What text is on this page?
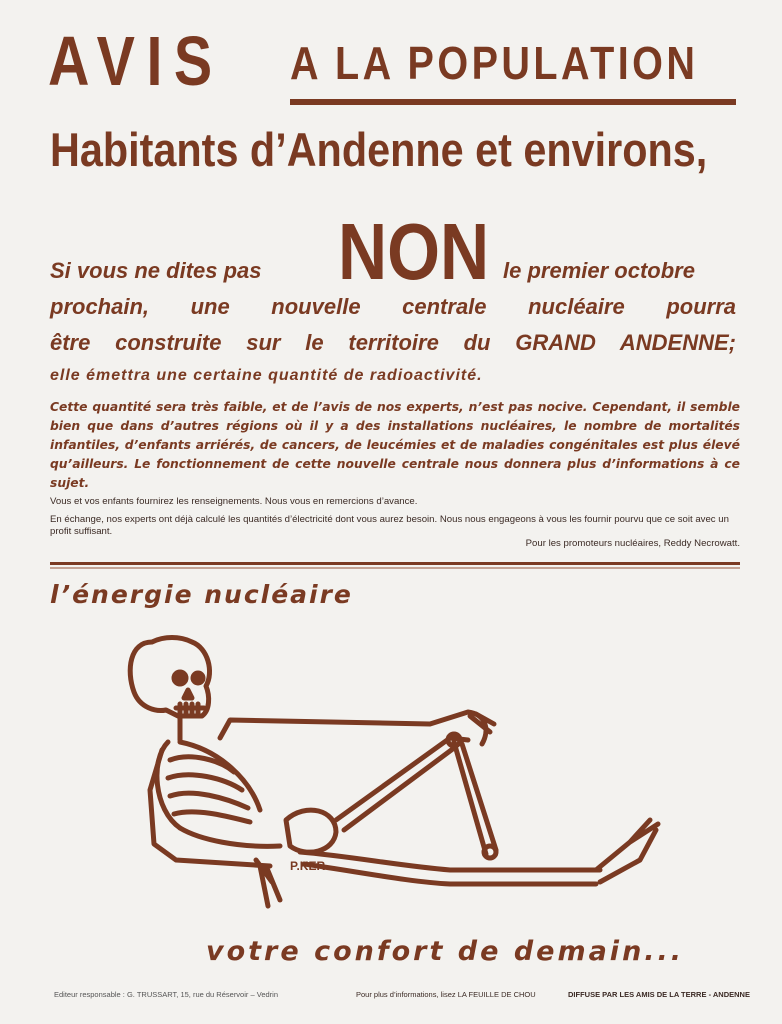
AVIS A LA POPULATION
Habitants d’Andenne et environs,
Si vous ne dites pas NON le premier octobre
prochain, une nouvelle centrale nucléaire pourra
être construite sur le territoire du GRAND ANDENNE;
elle émettra une certaine quantité de radioactivité.
Cette quantité sera très faible, et de l’avis de nos experts, n’est pas nocive. Cependant, il semble bien que dans d’autres régions où il y a des installations nucléaires, le nombre de mortalités infantiles, d’enfants arriérés, de cancers, de leucémies et de maladies congénitales est plus élevé qu’ailleurs. Le fonctionnement de cette nouvelle centrale nous donnera plus d’informations à ce sujet.
Vous et vos enfants fournirez les renseignements. Nous vous en remercions d’avance.
En échange, nos experts ont déjà calculé les quantités d’électricité dont vous aurez besoin. Nous nous engageons à vous les fournir pourvu que ce soit avec un profit suffisant.
Pour les promoteurs nucléaires, Reddy Necrowatt.
l’énergie nucléaire
P.KER
votre confort de demain...
Editeur responsable : G. TRUSSART, 15, rue du Réservoir – Vedrin	Pour plus d’informations, lisez LA FEUILLE DE CHOU	DIFFUSE PAR LES AMIS DE LA TERRE - ANDENNE
